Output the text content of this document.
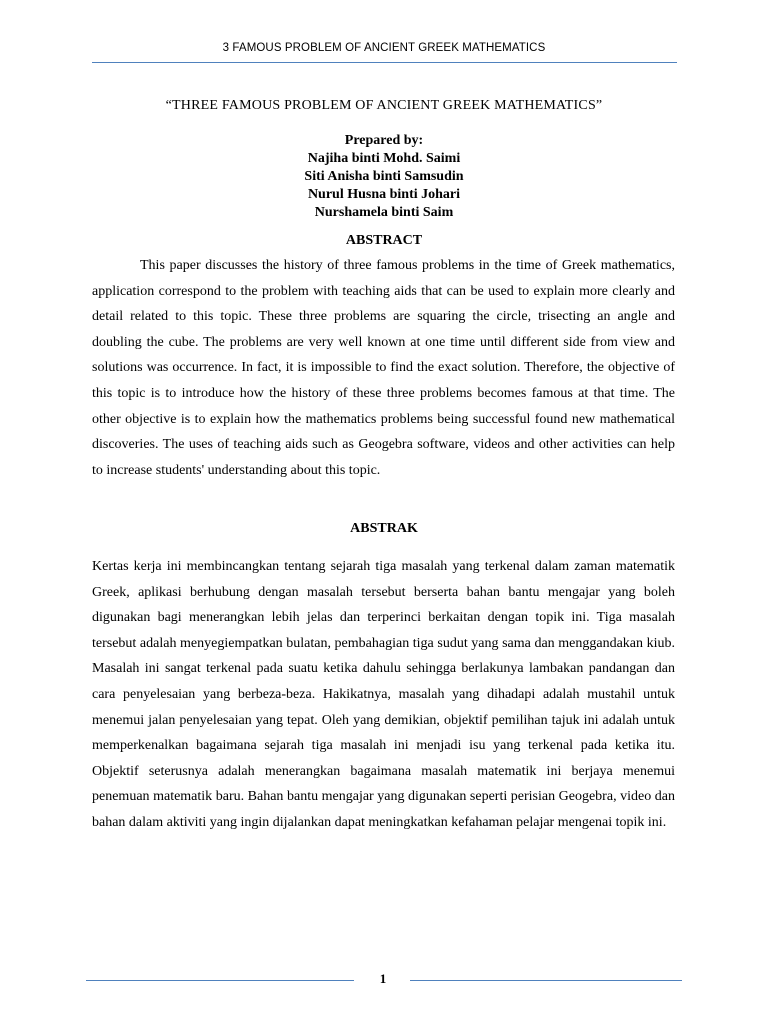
3 FAMOUS PROBLEM OF ANCIENT GREEK MATHEMATICS
“THREE FAMOUS PROBLEM OF ANCIENT GREEK MATHEMATICS”
Prepared by:
Najiha binti Mohd. Saimi
Siti Anisha binti Samsudin
Nurul Husna binti Johari
Nurshamela binti Saim
ABSTRACT
This paper discusses the history of three famous problems in the time of Greek mathematics, application correspond to the problem with teaching aids that can be used to explain more clearly and detail related to this topic. These three problems are squaring the circle, trisecting an angle and doubling the cube. The problems are very well known at one time until different side from view and solutions was occurrence. In fact, it is impossible to find the exact solution. Therefore, the objective of this topic is to introduce how the history of these three problems becomes famous at that time. The other objective is to explain how the mathematics problems being successful found new mathematical discoveries. The uses of teaching aids such as Geogebra software, videos and other activities can help to increase students' understanding about this topic.
ABSTRAK
Kertas kerja ini membincangkan tentang sejarah tiga masalah yang terkenal dalam zaman matematik Greek, aplikasi berhubung dengan masalah tersebut berserta bahan bantu mengajar yang boleh digunakan bagi menerangkan lebih jelas dan terperinci berkaitan dengan topik ini. Tiga masalah tersebut adalah menyegiempatkan bulatan, pembahagian tiga sudut yang sama dan menggandakan kiub. Masalah ini sangat terkenal pada suatu ketika dahulu sehingga berlakunya lambakan pandangan dan cara penyelesaian yang berbeza-beza. Hakikatnya, masalah yang dihadapi adalah mustahil untuk menemui jalan penyelesaian yang tepat. Oleh yang demikian, objektif pemilihan tajuk ini adalah untuk memperkenalkan bagaimana sejarah tiga masalah ini menjadi isu yang terkenal pada ketika itu. Objektif seterusnya adalah menerangkan bagaimana masalah matematik ini berjaya menemui penemuan matematik baru. Bahan bantu mengajar yang digunakan seperti perisian Geogebra, video dan bahan dalam aktiviti yang ingin dijalankan dapat meningkatkan kefahaman pelajar mengenai topik ini.
1
